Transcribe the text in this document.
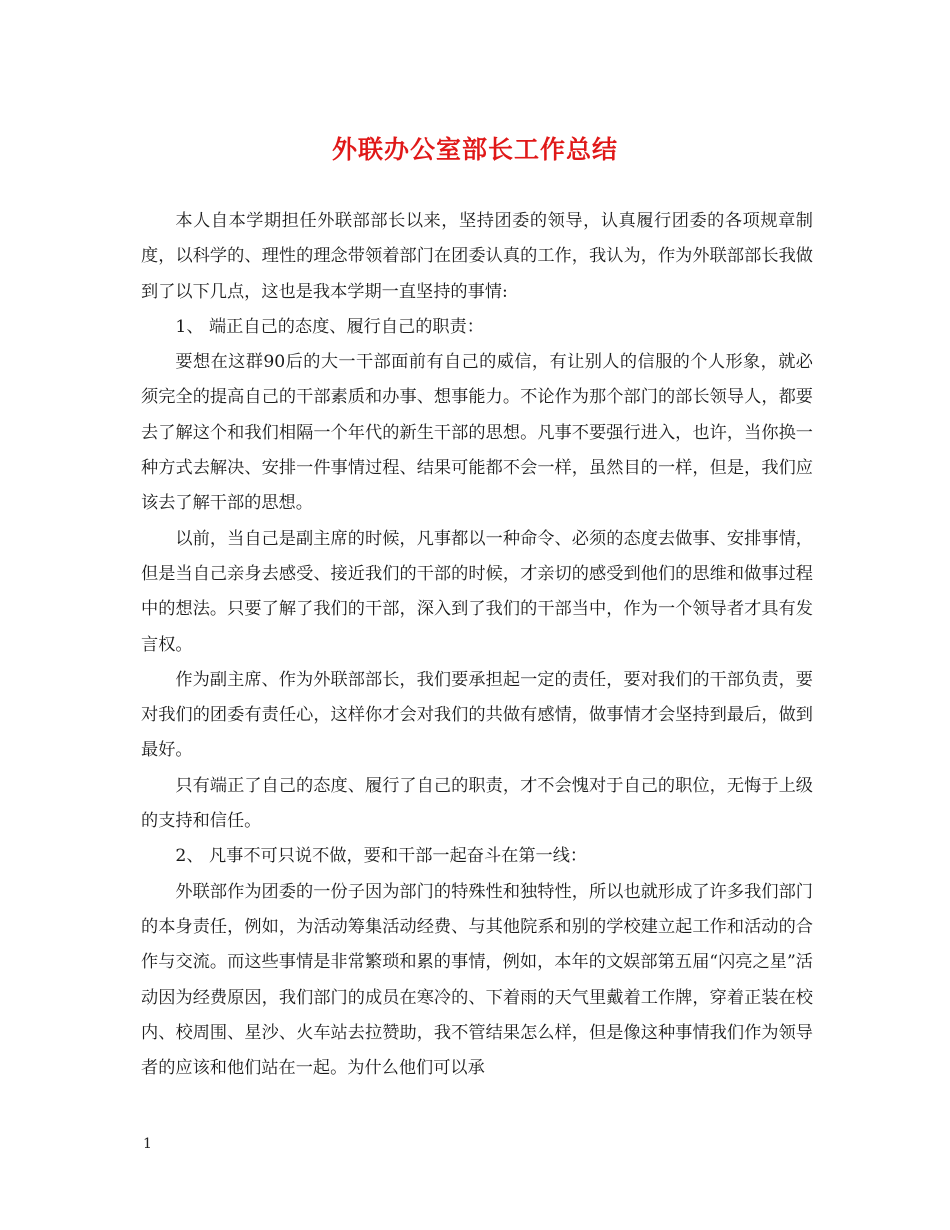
外联办公室部长工作总结

本人自本学期担任外联部部长以来，坚持团委的领导，认真履行团委的各项规章制度，以科学的、理性的理念带领着部门在团委认真的工作，我认为，作为外联部部长我做到了以下几点，这也是我本学期一直坚持的事情:

1、 端正自己的态度、履行自己的职责：

要想在这群90后的大一干部面前有自己的威信，有让别人的信服的个人形象，就必须完全的提高自己的干部素质和办事、想事能力。不论作为那个部门的部长领导人，都要去了解这个和我们相隔一个年代的新生干部的思想。凡事不要强行进入，也许，当你换一种方式去解决、安排一件事情过程、结果可能都不会一样，虽然目的一样，但是，我们应该去了解干部的思想。

以前，当自己是副主席的时候，凡事都以一种命令、必须的态度去做事、安排事情，但是当自己亲身去感受、接近我们的干部的时候，才亲切的感受到他们的思维和做事过程中的想法。只要了解了我们的干部，深入到了我们的干部当中，作为一个领导者才具有发言权。

作为副主席、作为外联部部长，我们要承担起一定的责任，要对我们的干部负责，要对我们的团委有责任心，这样你才会对我们的共做有感情，做事情才会坚持到最后，做到最好。

只有端正了自己的态度、履行了自己的职责，才不会愧对于自己的职位，无悔于上级的支持和信任。

2、 凡事不可只说不做，要和干部一起奋斗在第一线：

外联部作为团委的一份子因为部门的特殊性和独特性，所以也就形成了许多我们部门的本身责任，例如，为活动筹集活动经费、与其他院系和别的学校建立起工作和活动的合作与交流。而这些事情是非常繁琐和累的事情，例如，本年的文娱部第五届“闪亮之星”活动因为经费原因，我们部门的成员在寒冷的、下着雨的天气里戴着工作牌，穿着正装在校内、校周围、星沙、火车站去拉赞助，我不管结果怎么样，但是像这种事情我们作为领导者的应该和他们站在一起。为什么他们可以承

1
